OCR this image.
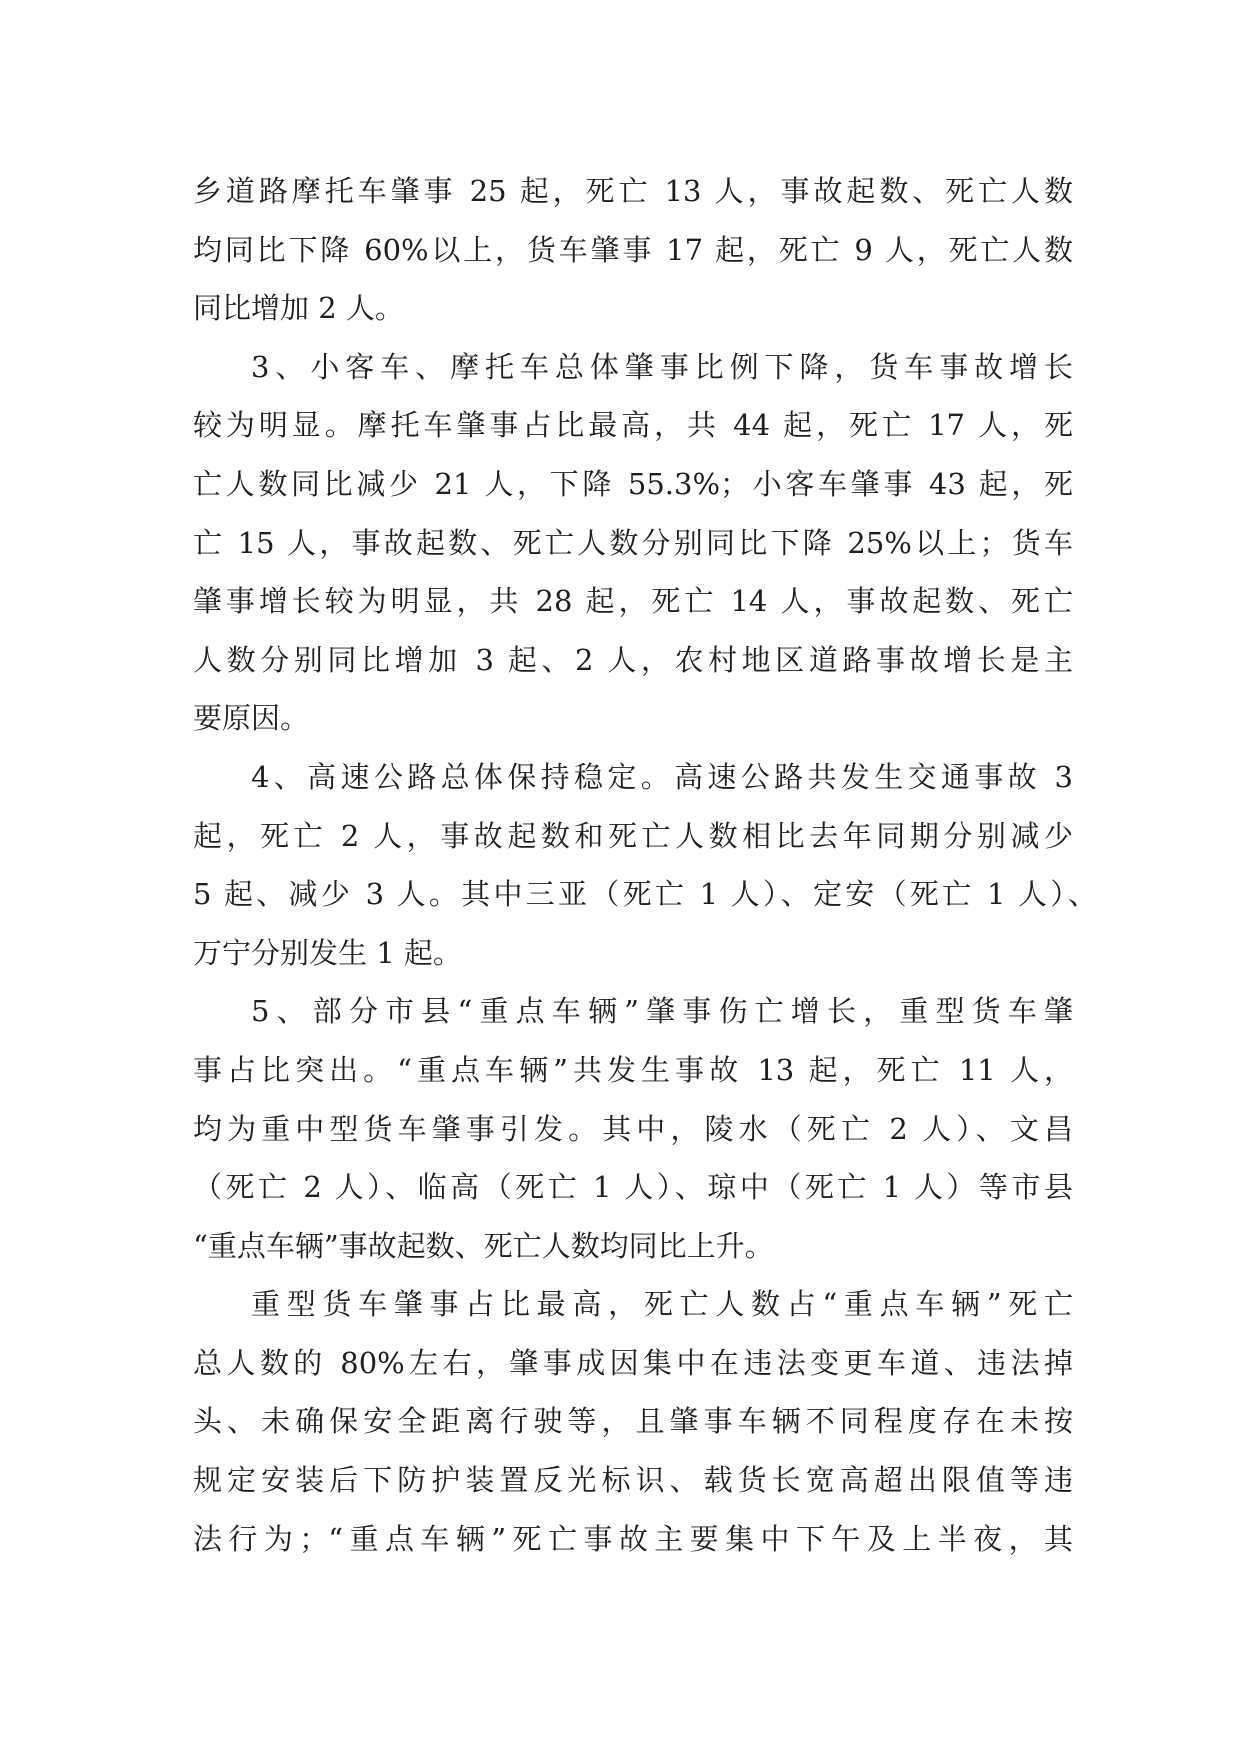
乡道路摩托车肇事 25 起，死亡 13 人，事故起数、死亡人数
均同比下降 60%以上，货车肇事 17 起，死亡 9 人，死亡人数
同比增加 2 人。
3、小客车、摩托车总体肇事比例下降，货车事故增长
较为明显。摩托车肇事占比最高，共 44 起，死亡 17 人，死
亡人数同比减少 21 人，下降 55.3%；小客车肇事 43 起，死
亡 15 人，事故起数、死亡人数分别同比下降 25%以上；货车
肇事增长较为明显，共 28 起，死亡 14 人，事故起数、死亡
人数分别同比增加 3 起、2 人，农村地区道路事故增长是主
要原因。
4、高速公路总体保持稳定。高速公路共发生交通事故 3
起，死亡 2 人，事故起数和死亡人数相比去年同期分别减少
5 起、减少 3 人。其中三亚（死亡 1 人）、定安（死亡 1 人）、
万宁分别发生 1 起。
5、部分市县“重点车辆”肇事伤亡增长，重型货车肇
事占比突出。“重点车辆”共发生事故 13 起，死亡 11 人，
均为重中型货车肇事引发。其中，陵水（死亡 2 人）、文昌
（死亡 2 人）、临高（死亡 1 人）、琼中（死亡 1 人）等市县
“重点车辆”事故起数、死亡人数均同比上升。
重型货车肇事占比最高，死亡人数占“重点车辆”死亡
总人数的 80%左右，肇事成因集中在违法变更车道、违法掉
头、未确保安全距离行驶等，且肇事车辆不同程度存在未按
规定安装后下防护装置反光标识、载货长宽高超出限值等违
法行为；“重点车辆”死亡事故主要集中下午及上半夜，其
